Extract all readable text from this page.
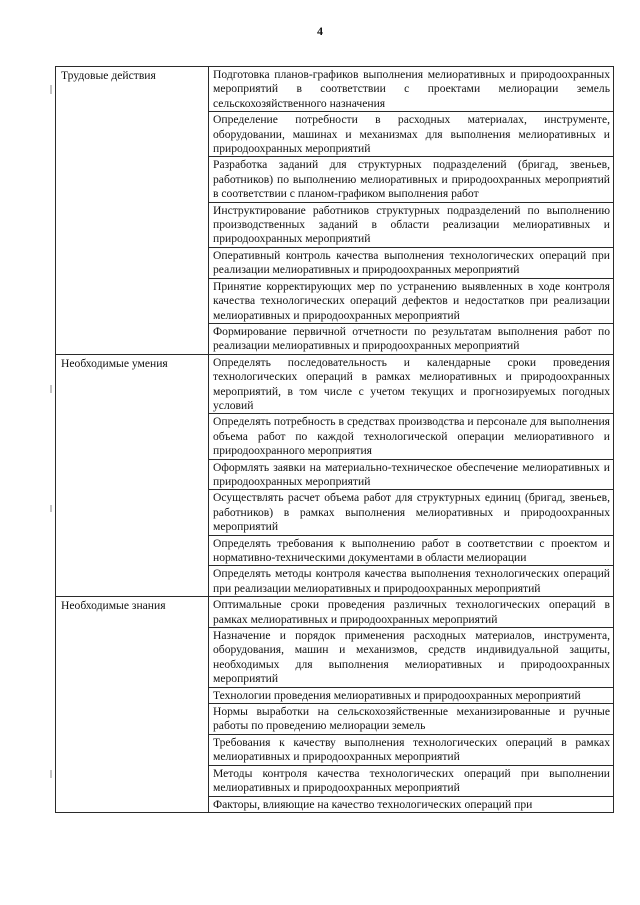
4
Трудовые действия	Подготовка планов-графиков выполнения мелиоративных и природоохранных мероприятий в соответствии с проектами мелиорации земель сельскохозяйственного назначения
	Определение потребности в расходных материалах, инструменте, оборудовании, машинах и механизмах для выполнения мелиоративных и природоохранных мероприятий
	Разработка заданий для структурных подразделений (бригад, звеньев, работников) по выполнению мелиоративных и природоохранных мероприятий в соответствии с планом-графиком выполнения работ
	Инструктирование работников структурных подразделений по выполнению производственных заданий в области реализации мелиоративных и природоохранных мероприятий
	Оперативный контроль качества выполнения технологических операций при реализации мелиоративных и природоохранных мероприятий
	Принятие корректирующих мер по устранению выявленных в ходе контроля качества технологических операций дефектов и недостатков при реализации мелиоративных и природоохранных мероприятий
	Формирование первичной отчетности по результатам выполнения работ по реализации мелиоративных и природоохранных мероприятий

Необходимые умения	Определять последовательность и календарные сроки проведения технологических операций в рамках мелиоративных и природоохранных мероприятий, в том числе с учетом текущих и прогнозируемых погодных условий
	Определять потребность в средствах производства и персонале для выполнения объема работ по каждой технологической операции мелиоративного и природоохранного мероприятия
	Оформлять заявки на материально-техническое обеспечение мелиоративных и природоохранных мероприятий
	Осуществлять расчет объема работ для структурных единиц (бригад, звеньев, работников) в рамках выполнения мелиоративных и природоохранных мероприятий
	Определять требования к выполнению работ в соответствии с проектом и нормативно-техническими документами в области мелиорации
	Определять методы контроля качества выполнения технологических операций при реализации мелиоративных и природоохранных мероприятий

Необходимые знания	Оптимальные сроки проведения различных технологических операций в рамках мелиоративных и природоохранных мероприятий
	Назначение и порядок применения расходных материалов, инструмента, оборудования, машин и механизмов, средств индивидуальной защиты, необходимых для выполнения мелиоративных и природоохранных мероприятий
	Технологии проведения мелиоративных и природоохранных мероприятий
	Нормы выработки на сельскохозяйственные механизированные и ручные работы по проведению мелиорации земель
	Требования к качеству выполнения технологических операций в рамках мелиоративных и природоохранных мероприятий
	Методы контроля качества технологических операций при выполнении мелиоративных и природоохранных мероприятий
	Факторы, влияющие на качество технологических операций при
